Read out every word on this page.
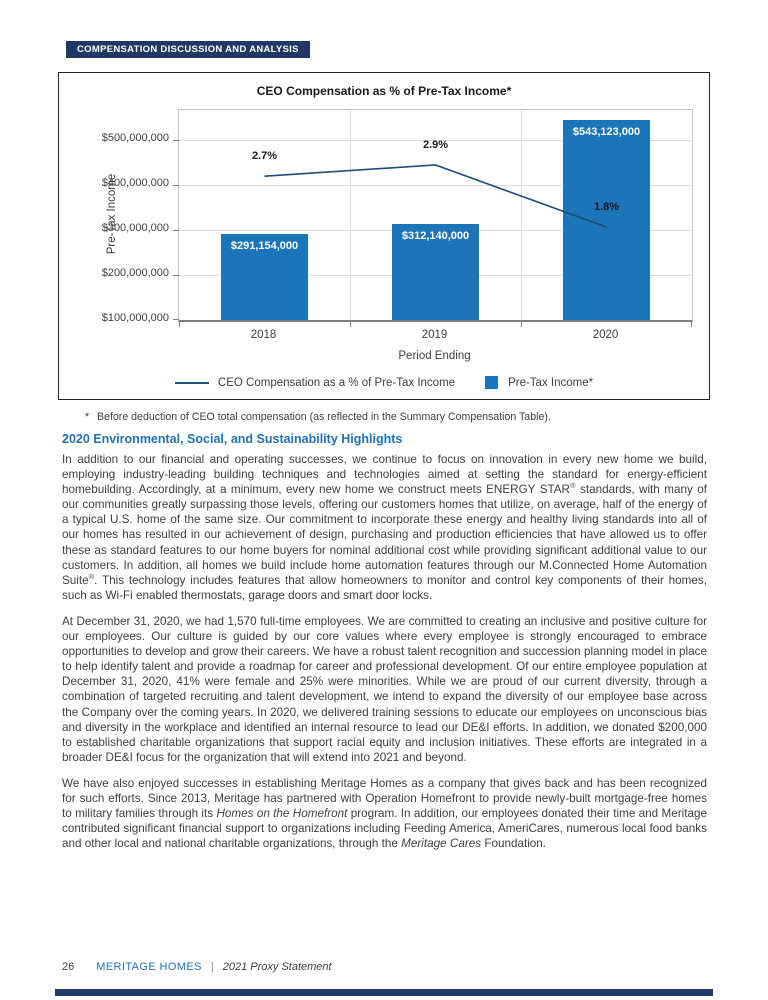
COMPENSATION DISCUSSION AND ANALYSIS
CEO Compensation as % of Pre-Tax Income*
Pre-Tax Income
$500,000,000
$400,000,000
$300,000,000
$200,000,000
$100,000,000
$291,154,000
$312,140,000
$543,123,000
2.7%
2.9%
1.8%
2018	2019	2020
Period Ending
CEO Compensation as a % of Pre-Tax Income	Pre-Tax Income*
* Before deduction of CEO total compensation (as reflected in the Summary Compensation Table).
2020 Environmental, Social, and Sustainability Highlights

In addition to our financial and operating successes, we continue to focus on innovation in every new home we build, employing industry-leading building techniques and technologies aimed at setting the standard for energy-efficient homebuilding. Accordingly, at a minimum, every new home we construct meets ENERGY STAR® standards, with many of our communities greatly surpassing those levels, offering our customers homes that utilize, on average, half of the energy of a typical U.S. home of the same size. Our commitment to incorporate these energy and healthy living standards into all of our homes has resulted in our achievement of design, purchasing and production efficiencies that have allowed us to offer these as standard features to our home buyers for nominal additional cost while providing significant additional value to our customers. In addition, all homes we build include home automation features through our M.Connected Home Automation Suite®. This technology includes features that allow homeowners to monitor and control key components of their homes, such as Wi-Fi enabled thermostats, garage doors and smart door locks.

At December 31, 2020, we had 1,570 full-time employees. We are committed to creating an inclusive and positive culture for our employees. Our culture is guided by our core values where every employee is strongly encouraged to embrace opportunities to develop and grow their careers. We have a robust talent recognition and succession planning model in place to help identify talent and provide a roadmap for career and professional development. Of our entire employee population at December 31, 2020, 41% were female and 25% were minorities. While we are proud of our current diversity, through a combination of targeted recruiting and talent development, we intend to expand the diversity of our employee base across the Company over the coming years. In 2020, we delivered training sessions to educate our employees on unconscious bias and diversity in the workplace and identified an internal resource to lead our DE&I efforts. In addition, we donated $200,000 to established charitable organizations that support racial equity and inclusion initiatives. These efforts are integrated in a broader DE&I focus for the organization that will extend into 2021 and beyond.

We have also enjoyed successes in establishing Meritage Homes as a company that gives back and has been recognized for such efforts. Since 2013, Meritage has partnered with Operation Homefront to provide newly-built mortgage-free homes to military families through its Homes on the Homefront program. In addition, our employees donated their time and Meritage contributed significant financial support to organizations including Feeding America, AmeriCares, numerous local food banks and other local and national charitable organizations, through the Meritage Cares Foundation.

26 MERITAGE HOMES | 2021 Proxy Statement
